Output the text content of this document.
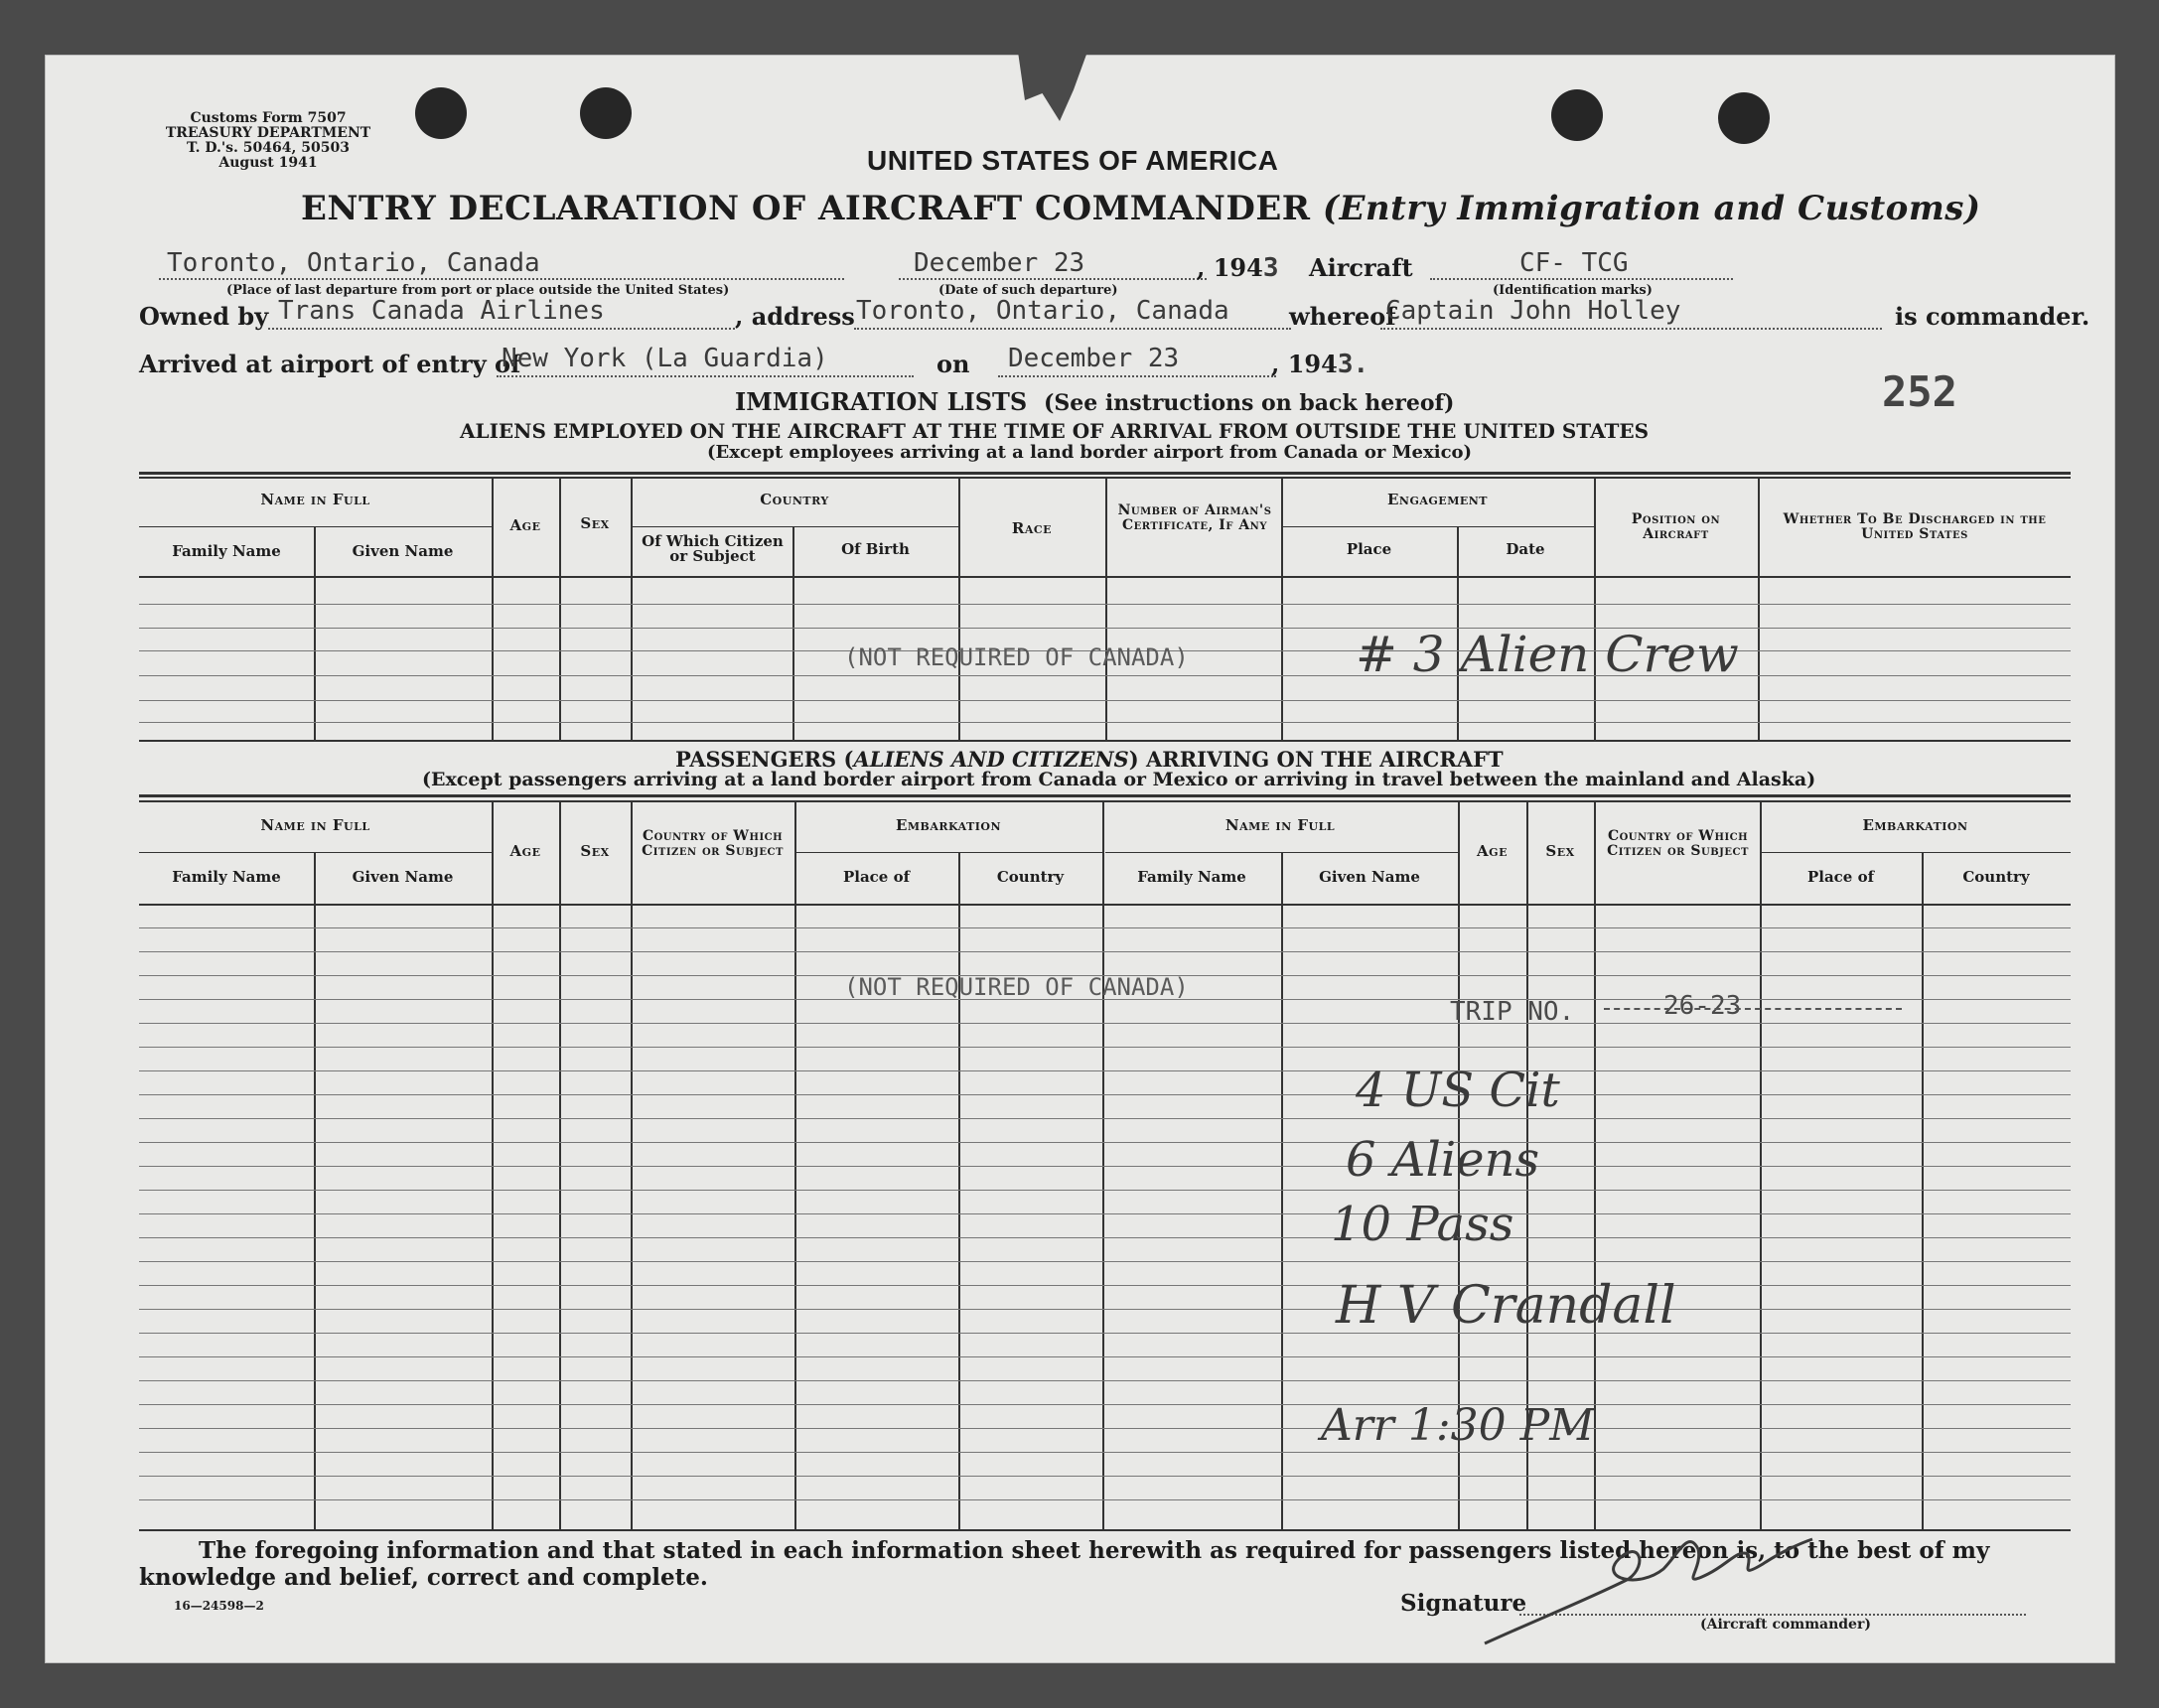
Customs Form 7507
TREASURY DEPARTMENT
T. D.'s. 50464, 50503
August 1941	UNITED STATES OF AMERICA
ENTRY DECLARATION OF AIRCRAFT COMMANDER (Entry Immigration and Customs)
Toronto, Ontario, Canada
(Place of last departure from port or place outside the United States)
December 23
(Date of such departure)
, 1943 Aircraft	CF- TCG
(Identification marks)
Owned by Trans Canada Airlines	, address Toronto, Ontario, Canada	whereof
Captain John Holley	is commander.
Arrived at airport of entry of
New York (La Guardia)	on December 23	, 1943.
252
IMMIGRATION LISTS (See instructions on back hereof)
ALIENS EMPLOYED ON THE AIRCRAFT AT THE TIME OF ARRIVAL FROM OUTSIDE THE UNITED STATES
(Except employees arriving at a land border airport from Canada or Mexico)
Name in Full
Family Name	Given Name
Age	Sex
Country
Of Which Citizen or Subject	Of Birth
Race
Number of Airman's Certificate, If Any
Engagement
Place	Date
Position on Aircraft
Whether To Be Discharged in the United States
(NOT REQUIRED OF CANADA)	# 3 Alien Crew
PASSENGERS (ALIENS AND CITIZENS) ARRIVING ON THE AIRCRAFT
(Except passengers arriving at a land border airport from Canada or Mexico or arriving in travel between the mainland and Alaska)
Name in Full
Family Name	Given Name
Age	Sex
Country of Which Citizen or Subject
Embarkation
Place of	Country
Name in Full
Family Name	Given Name
Age	Sex
Country of Which Citizen or Subject
Embarkation
Place of	Country
(NOT REQUIRED OF CANADA)
TRIP NO.	26-23
4 US Cit
6 Aliens
10 Pass
H V Crandall
Arr 1:30 PM
The foregoing information and that stated in each information sheet herewith as required for passengers listed hereon is, to the best of my knowledge and belief, correct and complete.
16—24598—2	Signature
(Aircraft commander)
